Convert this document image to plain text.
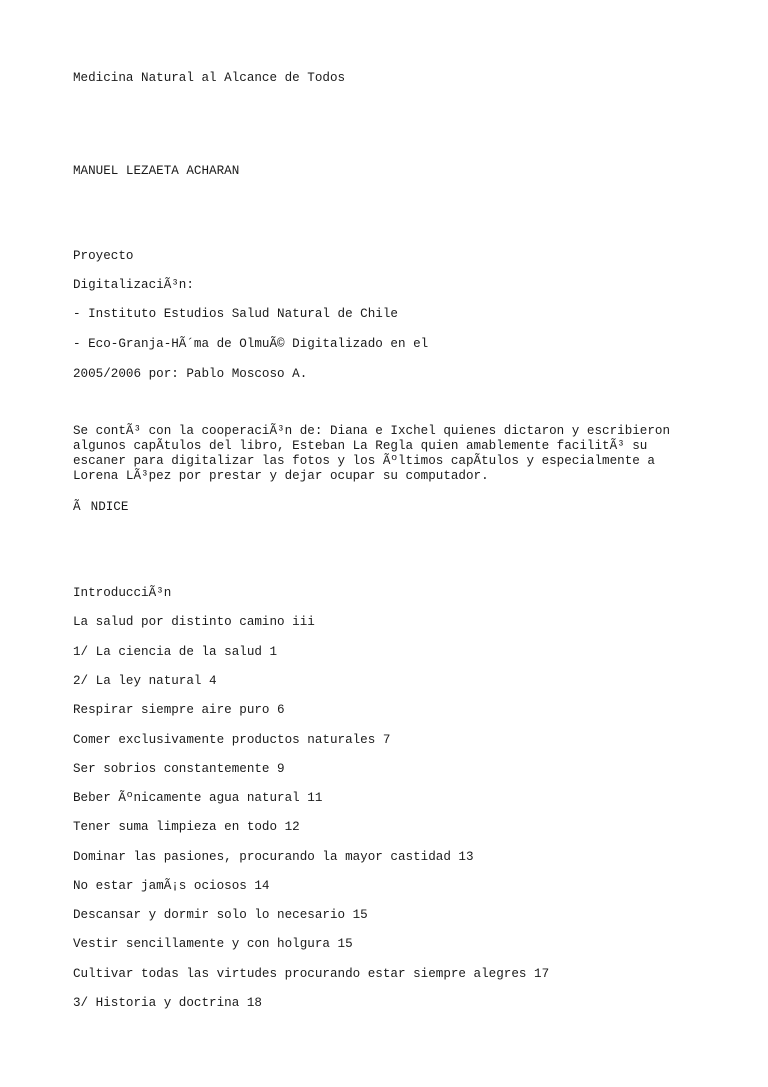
Medicina Natural al Alcance de Todos
MANUEL LEZAETA ACHARAN
Proyecto
DigitalizaciÃ³n:
- Instituto Estudios Salud Natural de Chile
- Eco-Granja-HÃ´ma de OlmuÃ© Digitalizado en el
2005/2006 por: Pablo Moscoso A.
Se contÃ³ con la cooperaciÃ³n de: Diana e Ixchel quienes dictaron y escribieron
algunos capÃtulos del libro, Esteban La Regla quien amablemente facilitÃ³ su
escaner para digitalizar las fotos y los Ãºltimos capÃtulos y especialmente a
Lorena LÃ³pez por prestar y dejar ocupar su computador.
ÃNDICE
IntroducciÃ³n
La salud por distinto camino iii
1/ La ciencia de la salud 1
2/ La ley natural 4
Respirar siempre aire puro 6
Comer exclusivamente productos naturales 7
Ser sobrios constantemente 9
Beber Ãºnicamente agua natural 11
Tener suma limpieza en todo 12
Dominar las pasiones, procurando la mayor castidad 13
No estar jamÃ¡s ociosos 14
Descansar y dormir solo lo necesario 15
Vestir sencillamente y con holgura 15
Cultivar todas las virtudes procurando estar siempre alegres 17
3/ Historia y doctrina 18
